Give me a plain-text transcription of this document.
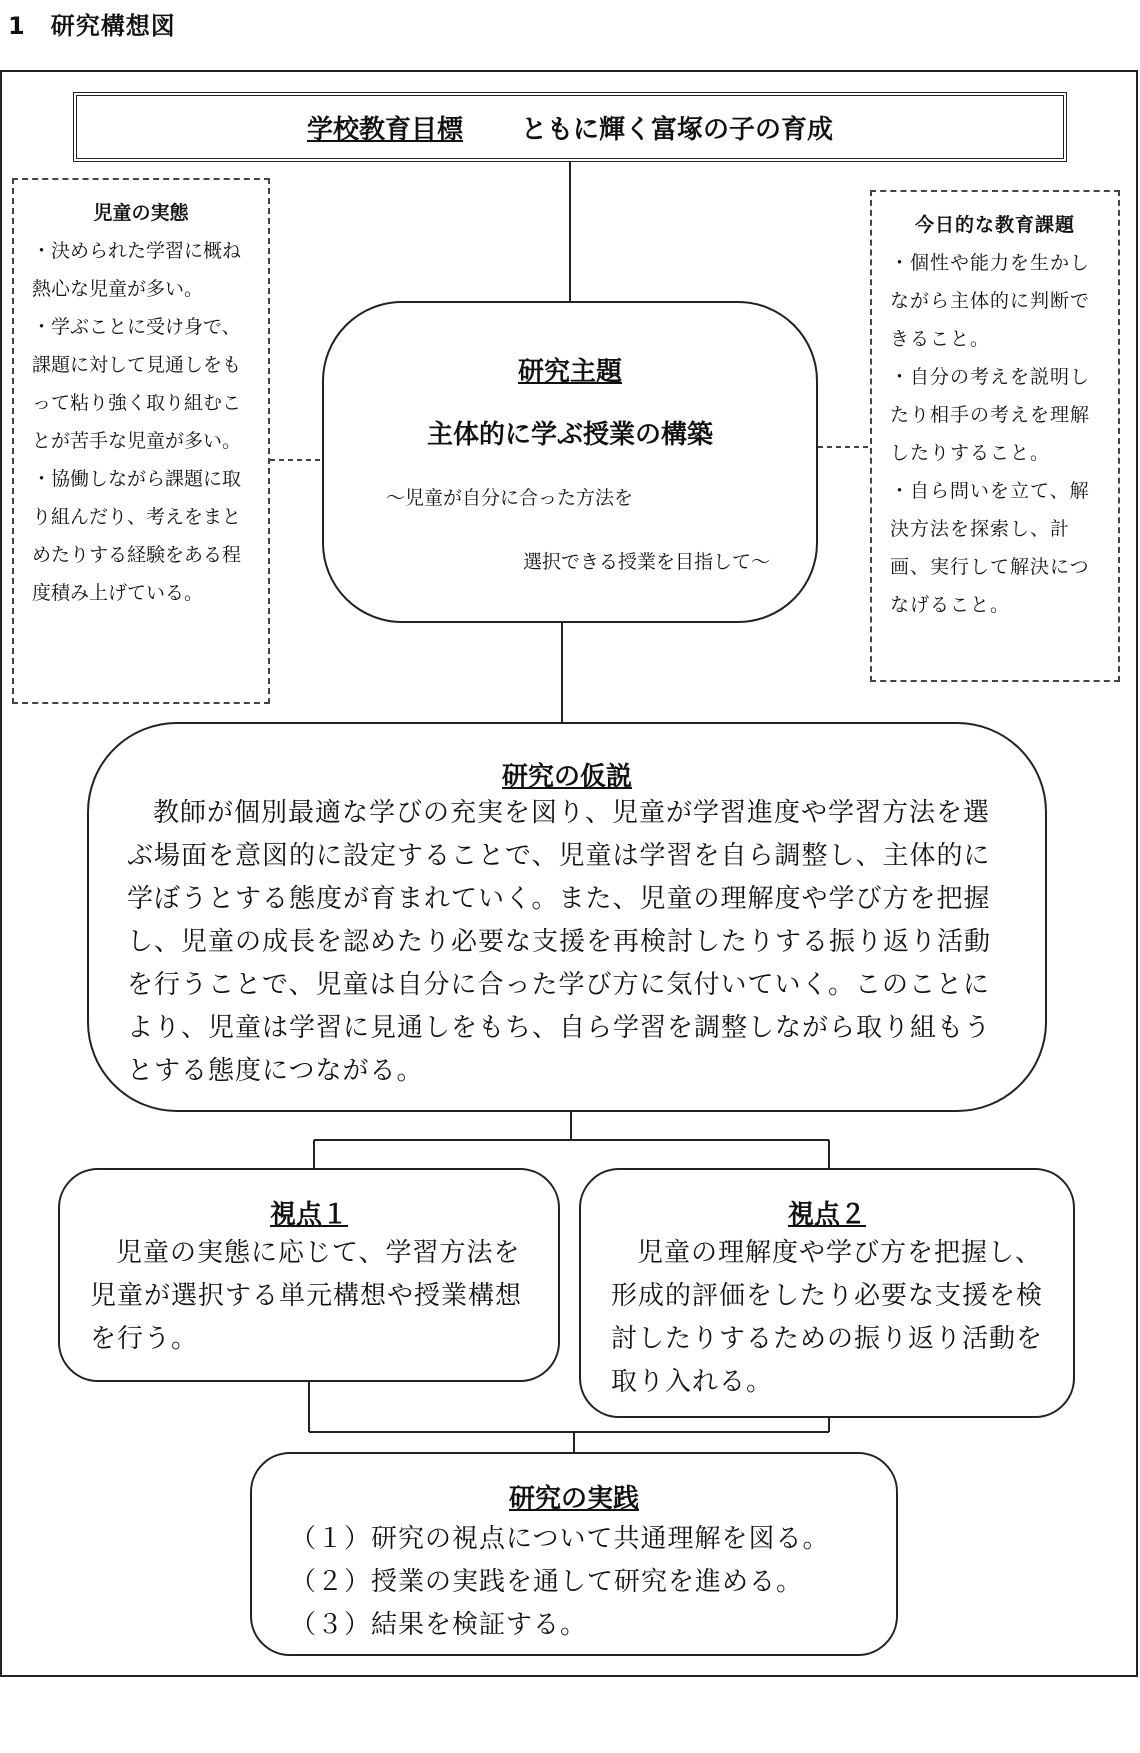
1　研究構想図
学校教育目標 ともに輝く富塚の子の育成
児童の実態

・決められた学習に概ね熱心な児童が多い。

・学ぶことに受け身で、課題に対して見通しをもって粘り強く取り組むことが苦手な児童が多い。

・協働しながら課題に取り組んだり、考えをまとめたりする経験をある程度積み上げている。

今日的な教育課題

・個性や能力を生かしながら主体的に判断できること。

・自分の考えを説明したり相手の考えを理解したりすること。

・自ら問いを立て、解決方法を探索し、計画、実行して解決につなげること。

研究主題
主体的に学ぶ授業の構築
～児童が自分に合った方法を
選択できる授業を目指して～
研究の仮説
教師が個別最適な学びの充実を図り、児童が学習進度や学習方法を選ぶ場面を意図的に設定することで、児童は学習を自ら調整し、主体的に学ぼうとする態度が育まれていく。また、児童の理解度や学び方を把握し、児童の成長を認めたり必要な支援を再検討したりする振り返り活動を行うことで、児童は自分に合った学び方に気付いていく。このことにより、児童は学習に見通しをもち、自ら学習を調整しながら取り組もうとする態度につながる。
視点１
児童の実態に応じて、学習方法を児童が選択する単元構想や授業構想を行う。
視点２
児童の理解度や学び方を把握し、形成的評価をしたり必要な支援を検討したりするための振り返り活動を取り入れる。
研究の実践

（１）研究の視点について共通理解を図る。

（２）授業の実践を通して研究を進める。

（３）結果を検証する。
